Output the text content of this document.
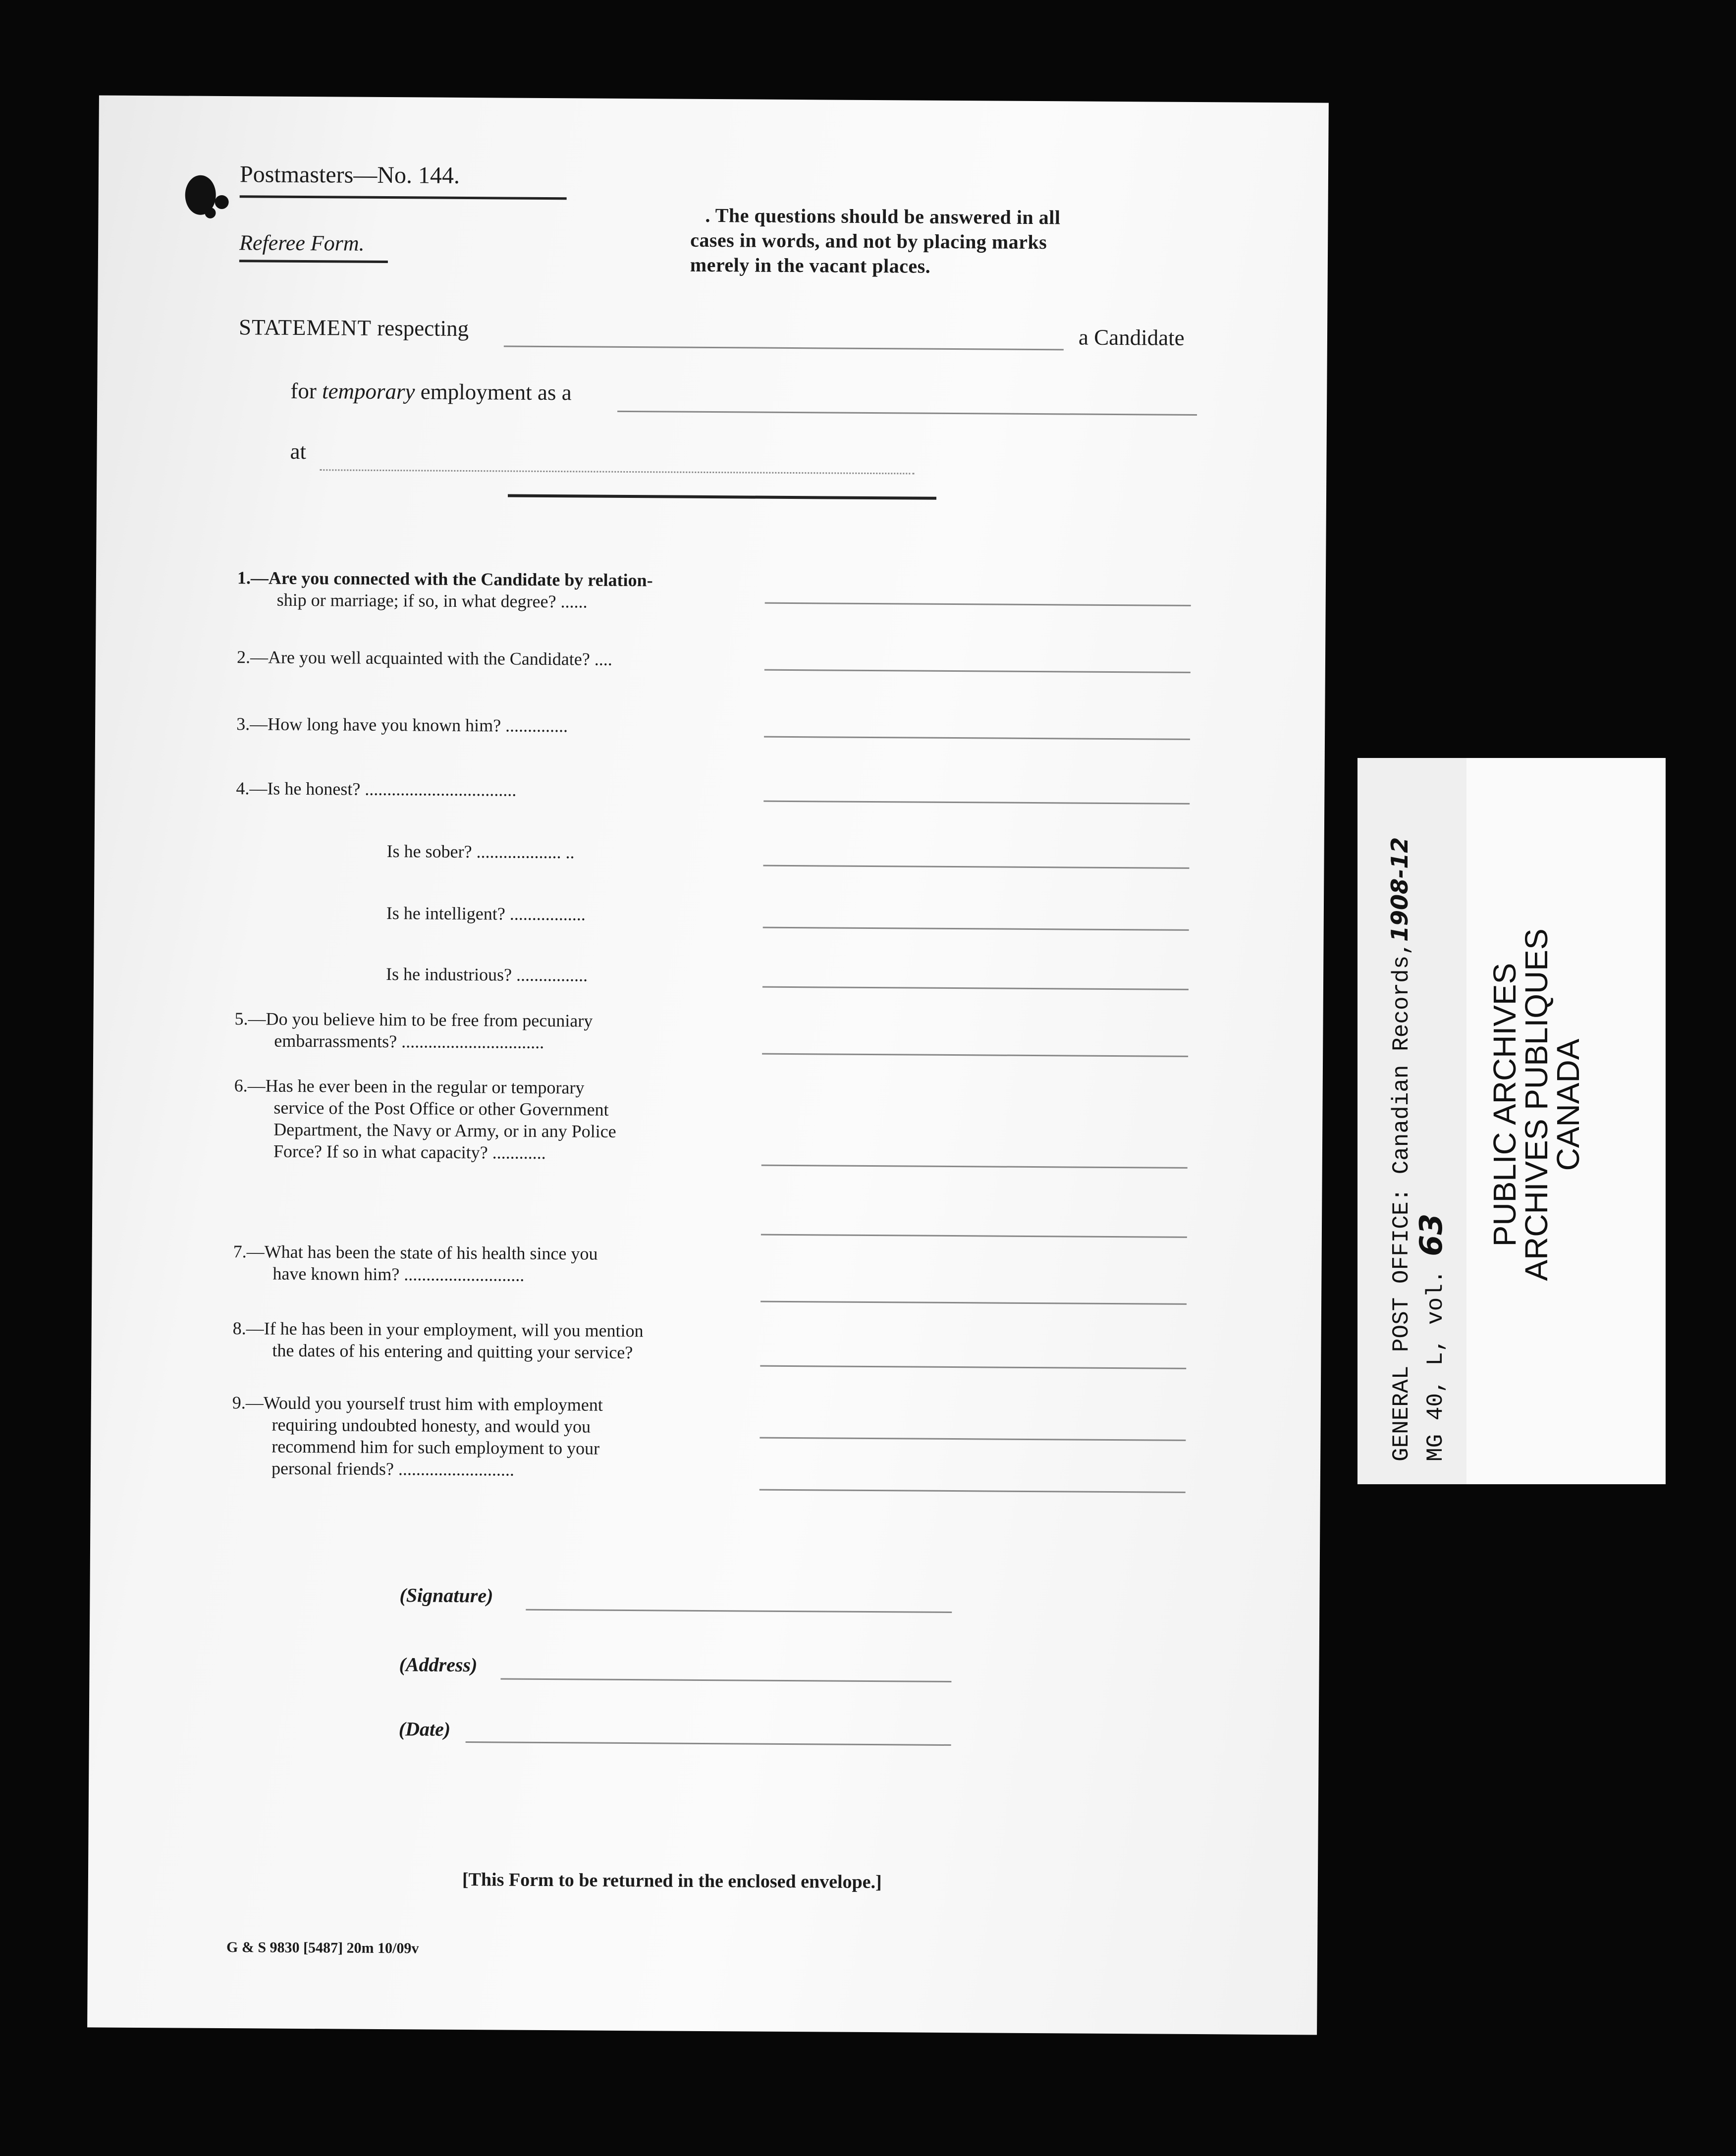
Postmasters—No. 144.
Referee Form.
. The questions should be answered in all
cases in words, and not by placing marks
merely in the vacant places.
STATEMENT respecting	a Candidate
for temporary employment as a
at
1.—Are you connected with the Candidate by relation-
ship or marriage; if so, in what degree? ......
2.—Are you well acquainted with the Candidate? ....
3.—How long have you known him? ..............
4.—Is he honest? ..................................
Is he sober? ................... ..
Is he intelligent? .................
Is he industrious? ................
5.—Do you believe him to be free from pecuniary
embarrassments? ................................
6.—Has he ever been in the regular or temporary
service of the Post Office or other Government
Department, the Navy or Army, or in any Police
Force? If so in what capacity? ............
7.—What has been the state of his health since you
have known him? ...........................
8.—If he has been in your employment, will you mention
the dates of his entering and quitting your service?
9.—Would you yourself trust him with employment
requiring undoubted honesty, and would you
recommend him for such employment to your
personal friends? ..........................
(Signature)
(Address)
(Date)
[This Form to be returned in the enclosed envelope.]
G & S 9830 [5487] 20m 10/09v
GENERAL POST OFFICE: Canadian Records,1908-12
MG 40, L, vol. 63 PUBLIC ARCHIVES
ARCHIVES PUBLIQUES
CANADA
